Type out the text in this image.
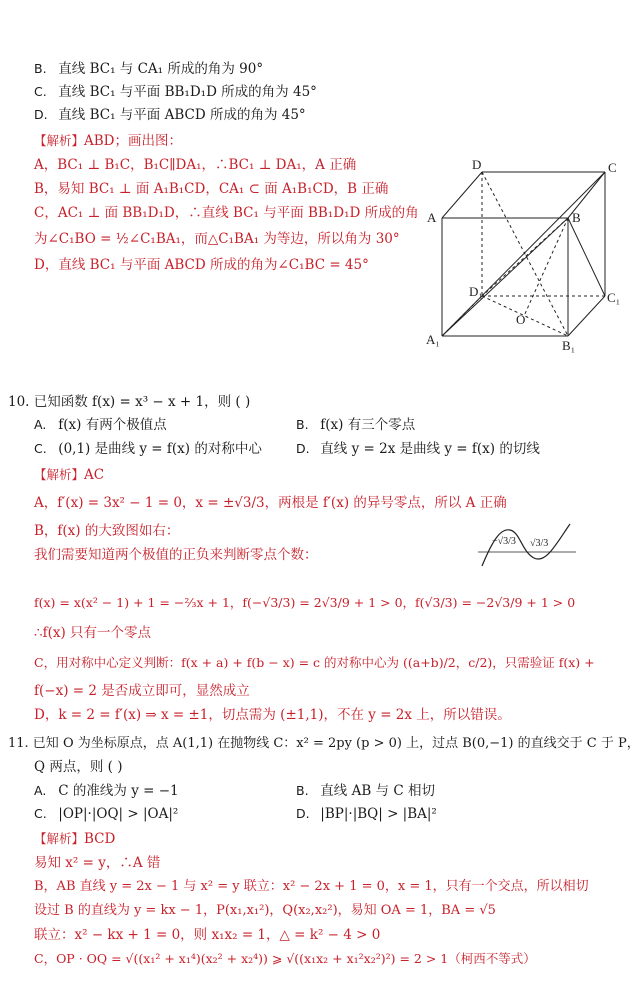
B. 直线 BC₁ 与 CA₁ 所成的角为 90°
C. 直线 BC₁ 与平面 BB₁D₁D 所成的角为 45°
D. 直线 BC₁ 与平面 ABCD 所成的角为 45°
【解析】ABD；画出图：
A，BC₁ ⊥ B₁C，B₁C∥DA₁，∴BC₁ ⊥ DA₁，A 正确
B，易知 BC₁ ⊥ 面 A₁B₁CD，CA₁ ⊂ 面 A₁B₁CD，B 正确
C，AC₁ ⊥ 面 BB₁D₁D，∴直线 BC₁ 与平面 BB₁D₁D 所成的角
为∠C₁BO = ½∠C₁BA₁，而△C₁BA₁ 为等边，所以角为 30°
D，直线 BC₁ 与平面 ABCD 所成的角为∠C₁BC = 45°
D	C
A	B
D₁	C₁
O
A₁	B₁
10. 已知函数 f(x) = x³ − x + 1，则 ( )
A. f(x) 有两个极值点	B. f(x) 有三个零点
C. (0,1) 是曲线 y = f(x) 的对称中心	D. 直线 y = 2x 是曲线 y = f(x) 的切线
【解析】AC
A，f′(x) = 3x² − 1 = 0，x = ±√3/3，两根是 f′(x) 的异号零点，所以 A 正确
B，f(x) 的大致图如右：
我们需要知道两个极值的正负来判断零点个数：
−√3/3 √3/3
f(x) = x(x² − 1) + 1 = −⅔x + 1，f(−√3/3) = 2√3/9 + 1 > 0，f(√3/3) = −2√3/9 + 1 > 0
∴f(x) 只有一个零点
C，用对称中心定义判断：f(x + a) + f(b − x) = c 的对称中心为 ((a+b)/2，c/2)，只需验证 f(x) +
f(−x) = 2 是否成立即可，显然成立
D，k = 2 = f′(x) ⇒ x = ±1，切点需为 (±1,1)，不在 y = 2x 上，所以错误。
11. 已知 O 为坐标原点，点 A(1,1) 在抛物线 C：x² = 2py (p > 0) 上，过点 B(0,−1) 的直线交于 C 于 P，
Q 两点，则 ( )
A. C 的准线为 y = −1	B. 直线 AB 与 C 相切
C. |OP|·|OQ| > |OA|²	D. |BP|·|BQ| > |BA|²
【解析】BCD
易知 x² = y，∴A 错
B，AB 直线 y = 2x − 1 与 x² = y 联立：x² − 2x + 1 = 0，x = 1，只有一个交点，所以相切
设过 B 的直线为 y = kx − 1，P(x₁,x₁²)，Q(x₂,x₂²)，易知 OA = 1，BA = √5
联立：x² − kx + 1 = 0，则 x₁x₂ = 1，△ = k² − 4 > 0
C，OP · OQ = √((x₁² + x₁⁴)(x₂² + x₂⁴)) ⩾ √((x₁x₂ + x₁²x₂²)²) = 2 > 1（柯西不等式）
